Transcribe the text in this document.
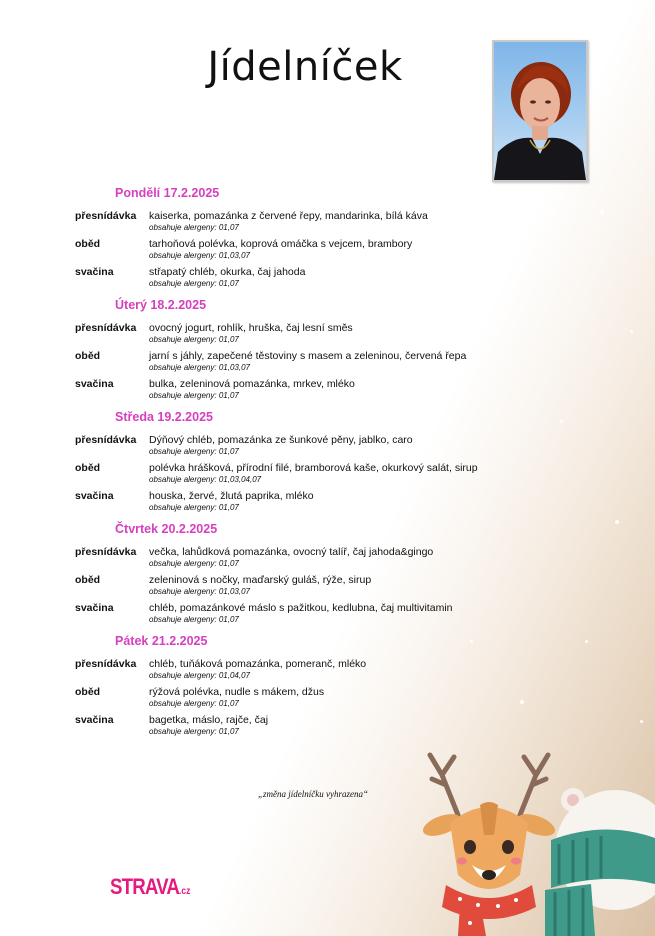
Jídelníček
Pondělí 17.2.2025
přesnídávka kaiserka, pomazánka z červené řepy, mandarinka, bílá káva
obsahuje alergeny: 01,07
oběd	tarhoňová polévka, koprová omáčka s vejcem, brambory
obsahuje alergeny: 01,03,07
svačina	střapatý chléb, okurka, čaj jahoda
obsahuje alergeny: 01,07
Úterý 18.2.2025
přesnídávka ovocný jogurt, rohlík, hruška, čaj lesní směs
obsahuje alergeny: 01,07
oběd	jarní s jáhly, zapečené těstoviny s masem a zeleninou, červená řepa
obsahuje alergeny: 01,03,07
svačina	bulka, zeleninová pomazánka, mrkev, mléko
obsahuje alergeny: 01,07
Středa 19.2.2025
přesnídávka Dýňový chléb, pomazánka ze šunkové pěny, jablko, caro
obsahuje alergeny: 01,07
oběd	polévka hrášková, přírodní filé, bramborová kaše, okurkový salát, sirup
obsahuje alergeny: 01,03,04,07
svačina	houska, žervé, žlutá paprika, mléko
obsahuje alergeny: 01,07
Čtvrtek 20.2.2025
přesnídávka večka, lahůdková pomazánka, ovocný talíř, čaj jahoda&gingo
obsahuje alergeny: 01,07
oběd	zeleninová s nočky, maďarský guláš, rýže, sirup
obsahuje alergeny: 01,03,07
svačina	chléb, pomazánkové máslo s pažitkou, kedlubna, čaj multivitamin
obsahuje alergeny: 01,07
Pátek 21.2.2025
přesnídávka chléb, tuňáková pomazánka, pomeranč, mléko
obsahuje alergeny: 01,04,07
oběd	rýžová polévka, nudle s mákem, džus
obsahuje alergeny: 01,07
svačina	bagetka, máslo, rajče, čaj
obsahuje alergeny: 01,07
„změna jídelníčku vyhrazena“
STRAVA.cz
